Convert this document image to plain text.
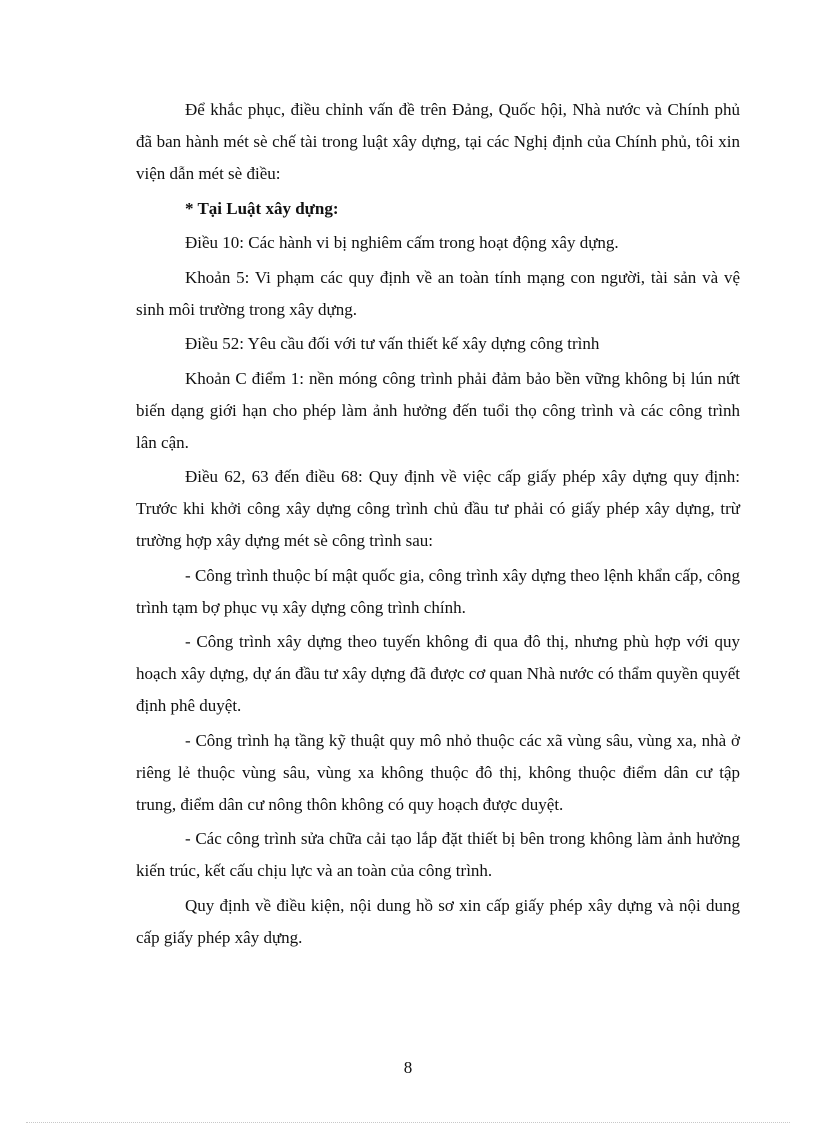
Để khắc phục, điều chỉnh vấn đề trên Đảng, Quốc hội, Nhà nước và Chính phủ đã ban hành mét sè chế tài trong luật xây dựng, tại các Nghị định của Chính phủ, tôi xin viện dẫn mét sè điều:

* Tại Luật xây dựng:

Điều 10: Các hành vi bị nghiêm cấm trong hoạt động xây dựng.

Khoản 5: Vi phạm các quy định về an toàn tính mạng con người, tài sản và vệ sinh môi trường trong xây dựng.

Điều 52: Yêu cầu đối với tư vấn thiết kế xây dựng công trình

Khoản C điểm 1: nền móng công trình phải đảm bảo bền vững không bị lún nứt biến dạng giới hạn cho phép làm ảnh hưởng đến tuổi thọ công trình và các công trình lân cận.

Điều 62, 63 đến điều 68: Quy định về việc cấp giấy phép xây dựng quy định: Trước khi khởi công xây dựng công trình chủ đầu tư phải có giấy phép xây dựng, trừ trường hợp xây dựng mét sè công trình sau:

- Công trình thuộc bí mật quốc gia, công trình xây dựng theo lệnh khẩn cấp, công trình tạm bợ phục vụ xây dựng công trình chính.

- Công trình xây dựng theo tuyến không đi qua đô thị, nhưng phù hợp với quy hoạch xây dựng, dự án đầu tư xây dựng đã được cơ quan Nhà nước có thẩm quyền quyết định phê duyệt.

- Công trình hạ tầng kỹ thuật quy mô nhỏ thuộc các xã vùng sâu, vùng xa, nhà ở riêng lẻ thuộc vùng sâu, vùng xa không thuộc đô thị, không thuộc điểm dân cư tập trung, điểm dân cư nông thôn không có quy hoạch được duyệt.

- Các công trình sửa chữa cải tạo lắp đặt thiết bị bên trong không làm ảnh hưởng kiến trúc, kết cấu chịu lực và an toàn của công trình.

Quy định về điều kiện, nội dung hồ sơ xin cấp giấy phép xây dựng và nội dung cấp giấy phép xây dựng.

8
